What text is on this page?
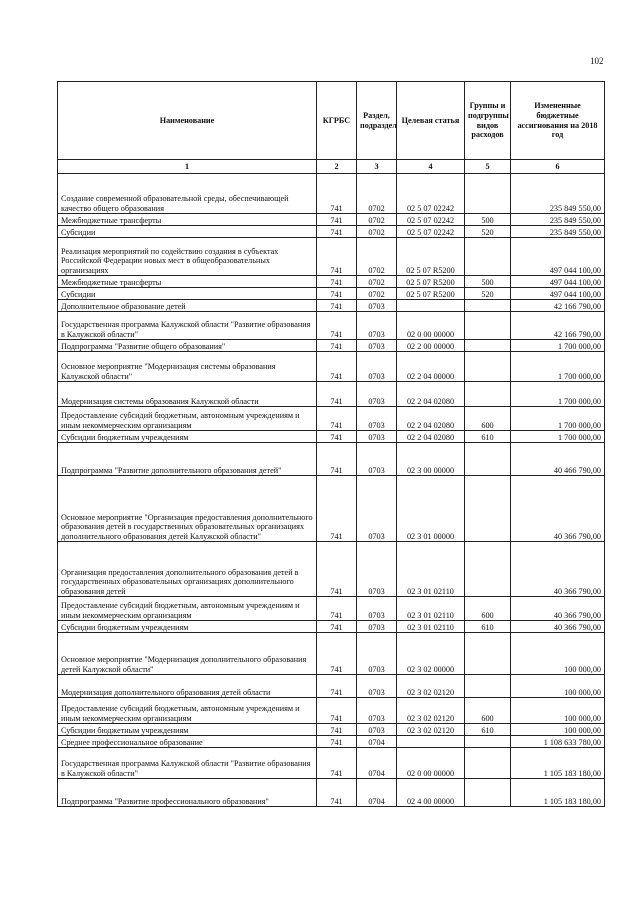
102
Наименование	КГРБС	Раздел, подраздел	Целевая статья	Группы и подгруппы видов расходов	Измененные бюджетные ассигнования на 2018 год
1	2	3	4	5	6
Создание современной образовательной среды, обеспечивающей качество общего образования	741	0702	02 5 07 02242		235 849 550,00
Межбюджетные трансферты	741	0702	02 5 07 02242	500	235 849 550,00
Субсидии	741	0702	02 5 07 02242	520	235 849 550,00
Реализация мероприятий по содействию создания в субъектах Российской Федерации новых мест в общеобразовательных организациях	741	0702	02 5 07 R5200		497 044 100,00
Межбюджетные трансферты	741	0702	02 5 07 R5200	500	497 044 100,00
Субсидии	741	0702	02 5 07 R5200	520	497 044 100,00
Дополнительное образование детей	741	0703			42 166 790,00
Государственная программа Калужской области "Развитие образования в Калужской области"	741	0703	02 0 00 00000		42 166 790,00
Подпрограмма "Развитие общего образования"	741	0703	02 2 00 00000		1 700 000,00
Основное мероприятие "Модернизация системы образования Калужской области"	741	0703	02 2 04 00000		1 700 000,00
Модернизация системы образования Калужской области	741	0703	02 2 04 02080		1 700 000,00
Предоставление субсидий бюджетным, автономным учреждениям и иным некоммерческим организациям	741	0703	02 2 04 02080	600	1 700 000,00
Субсидии бюджетным учреждениям	741	0703	02 2 04 02080	610	1 700 000,00
Подпрограмма "Развитие дополнительного образования детей"	741	0703	02 3 00 00000		40 466 790,00
Основное мероприятие "Организация предоставления дополнительного образования детей в государственных образовательных организациях дополнительного образования детей Калужской области"	741	0703	02 3 01 00000		40 366 790,00
Организация предоставления дополнительного образования детей в государственных образовательных организациях дополнительного образования детей	741	0703	02 3 01 02110		40 366 790,00
Предоставление субсидий бюджетным, автономным учреждениям и иным некоммерческим организациям	741	0703	02 3 01 02110	600	40 366 790,00
Субсидии бюджетным учреждениям	741	0703	02 3 01 02110	610	40 366 790,00
Основное мероприятие "Модернизация дополнительного образования детей Калужской области"	741	0703	02 3 02 00000		100 000,00
Модернизация дополнительного образования детей области	741	0703	02 3 02 02120		100 000,00
Предоставление субсидий бюджетным, автономным учреждениям и иным некоммерческим организациям	741	0703	02 3 02 02120	600	100 000,00
Субсидии бюджетным учреждениям	741	0703	02 3 02 02120	610	100 000,00
Среднее профессиональное образование	741	0704			1 108 633 780,00
Государственная программа Калужской области "Развитие образования в Калужской области"	741	0704	02 0 00 00000		1 105 183 180,00
Подпрограмма "Развитие профессионального образования"	741	0704	02 4 00 00000		1 105 183 180,00
